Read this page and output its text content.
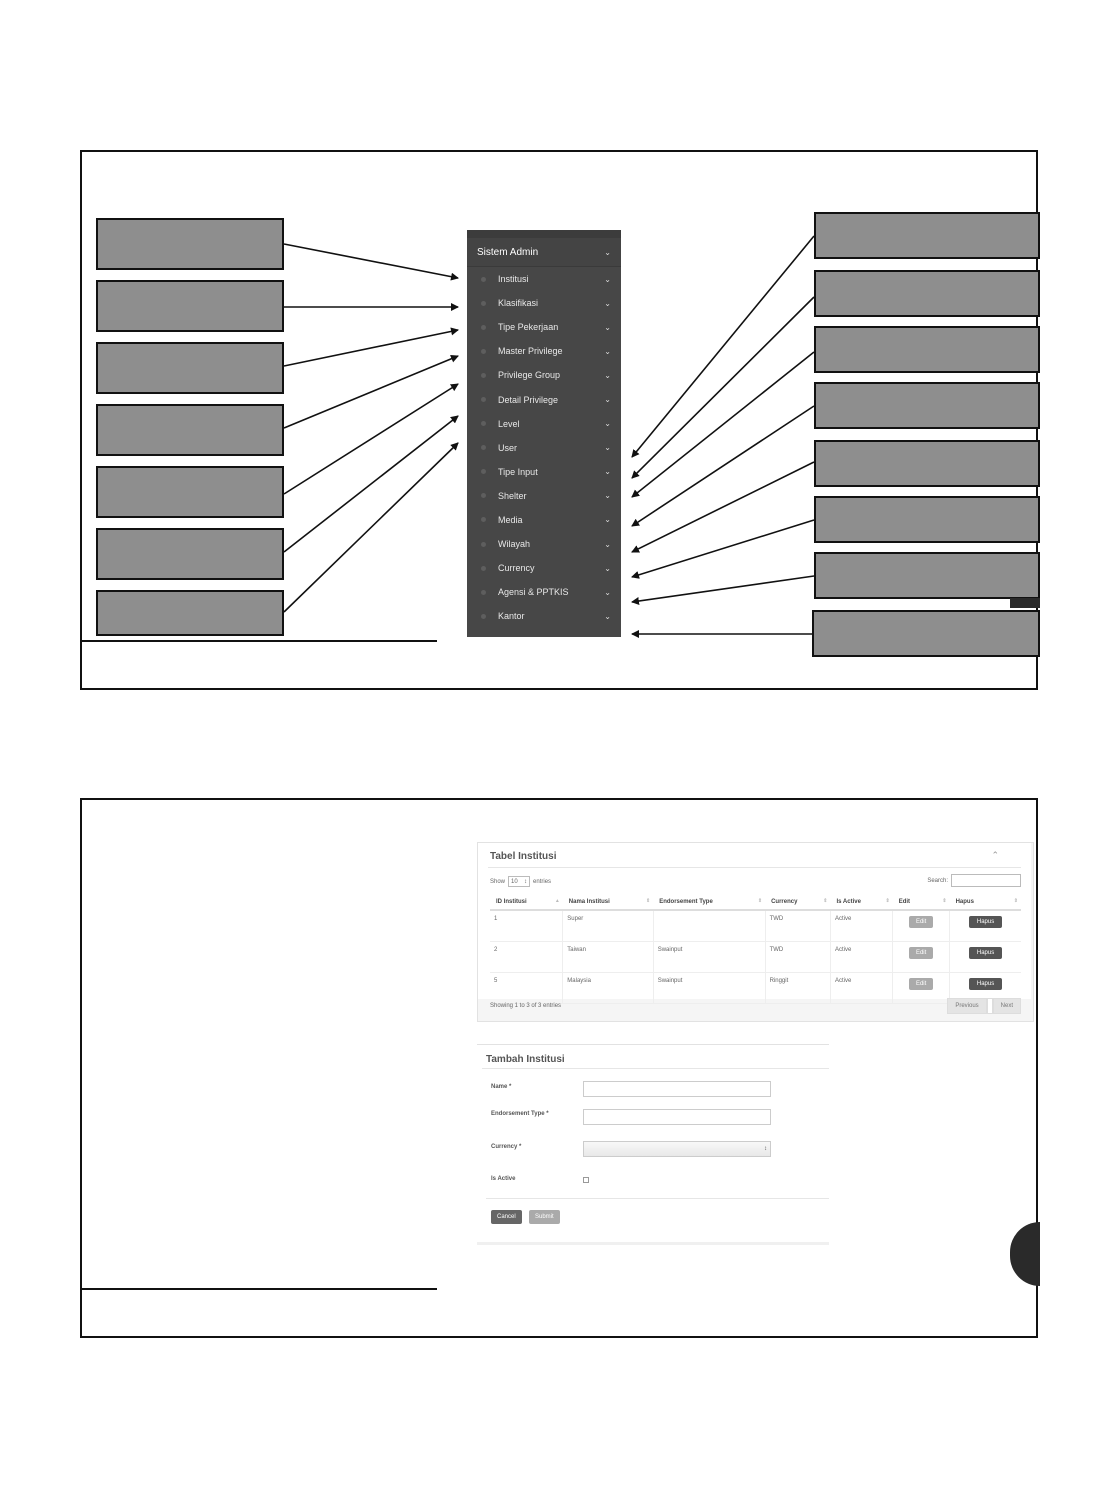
Sistem Admin	⌄
Institusi	⌄
Klasifikasi	⌄
Tipe Pekerjaan	⌄
Master Privilege	⌄
Privilege Group	⌄
Detail Privilege	⌄
Level	⌄
User	⌄
Tipe Input	⌄
Shelter	⌄
Media	⌄
Wilayah	⌄
Currency	⌄
Agensi & PPTKIS	⌄
Kantor	⌄
Tabel Institusi	⌃
Show 10 ↕ entries	Search:
ID Institusi ▲	Nama Institusi ⇕	Endorsement Type ⇕	Currency ⇕	Is Active ⇕	Edit ⇕	Hapus ⇕

1	Super		TWD	Active	Edit	Hapus
2	Taiwan	Swainput	TWD	Active	Edit	Hapus
5	Malaysia	Swainput	Ringgit	Active	Edit	Hapus
Showing 1 to 3 of 3 entries	Previous	Next
Tambah Institusi
Name *
Endorsement Type *
Currency *	↕
Is Active
Cancel	Submit
